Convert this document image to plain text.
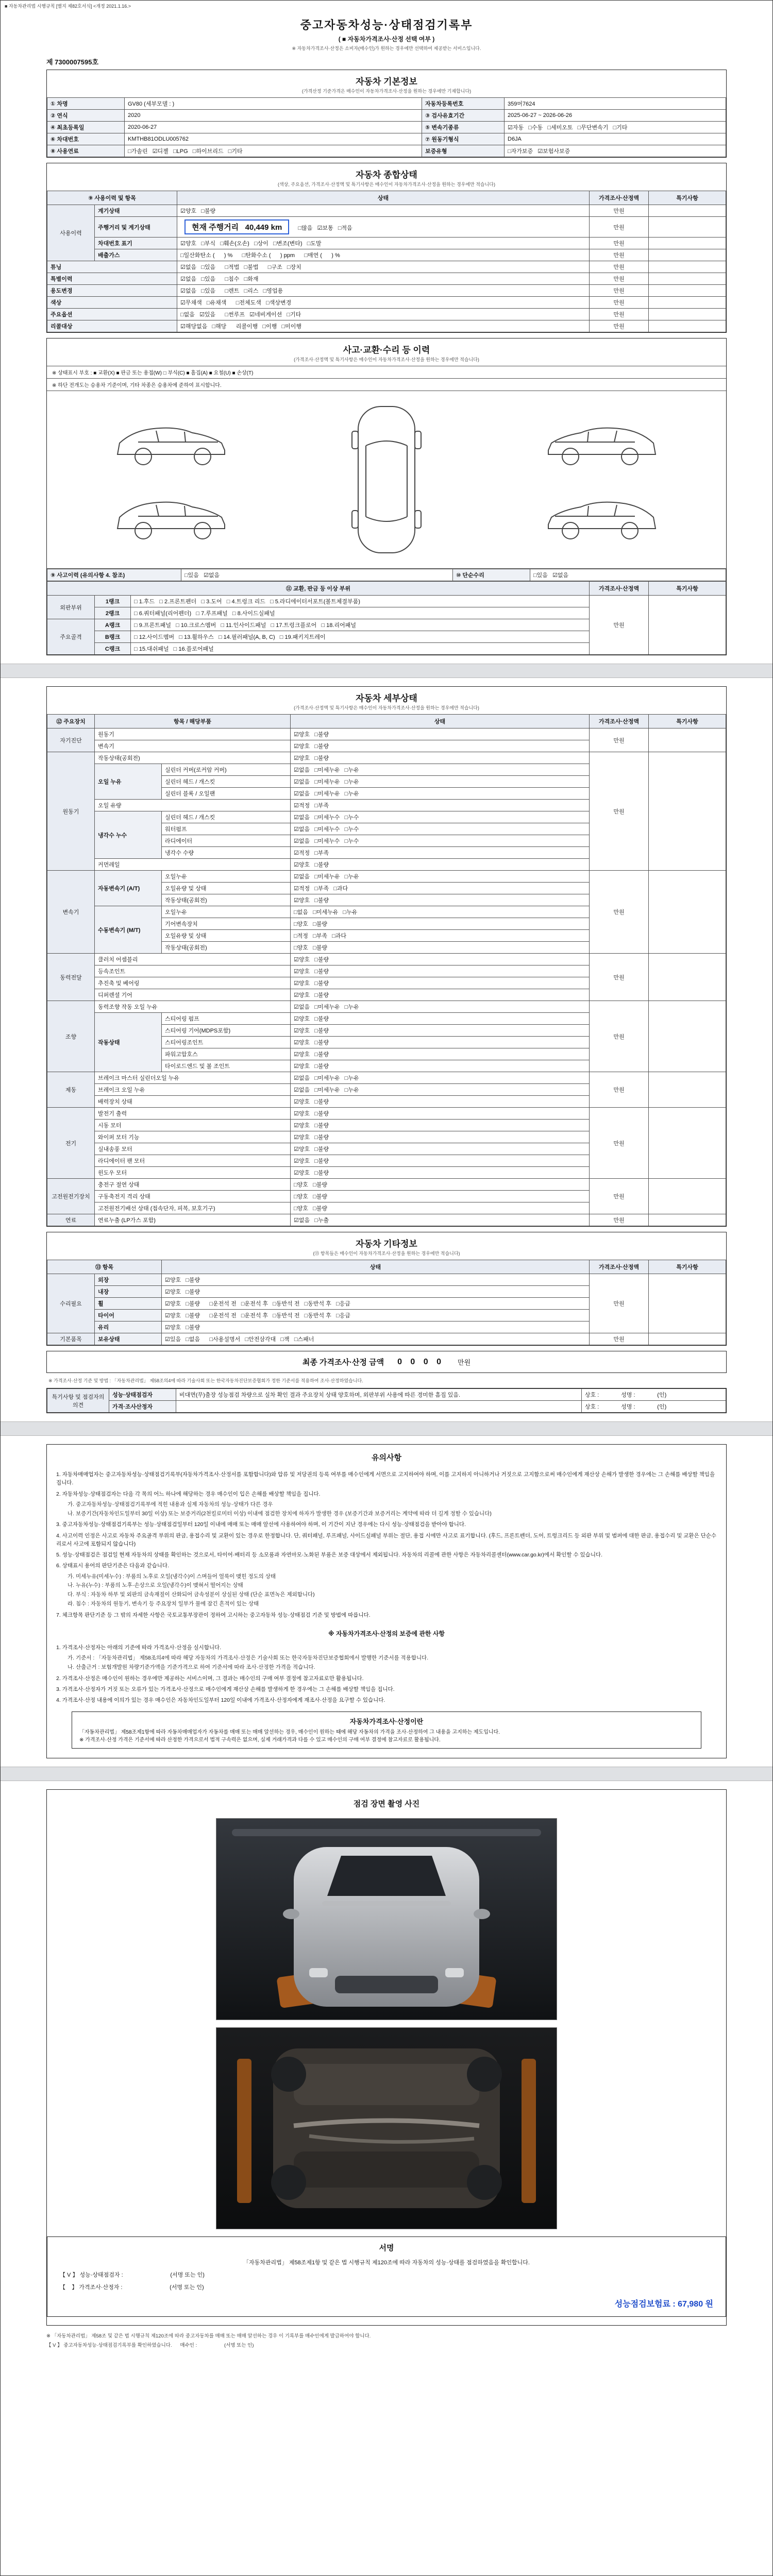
■ 자동차관리법 시행규칙 [별지 제82호서식] <개정 2021.1.16.>
중고자동차성능·상태점검기록부
( ■ 자동차가격조사·산정 선택 여부 )
※ 자동차가격조사·산정은 소비자(매수인)가 원하는 경우에만 선택하여 제공받는 서비스입니다.
제 7300007595호
자동차 기본정보
(가격산정 기준가격은 매수인이 자동차가격조사·산정을 원하는 경우에만 기재합니다)
① 차명	GV80 (세부모델 : )	자동차등록번호	359머7624
② 연식	2020	③ 검사유효기간	2025-06-27 ~ 2026-06-26
④ 최초등록일	2020-06-27	⑤ 변속기종류	☑자동   □수동   □세미오토   □무단변속기   □기타
⑥ 차대번호	KMTHB81ODLU005762	⑦ 원동기형식	D6JA
⑧ 사용연료	□가솔린   ☑디젤   □LPG   □하이브리드   □기타	보증유형	□자가보증   ☑보험사보증
자동차 종합상태
(색상, 주요옵션, 가격조사·산정액 및 특기사항은 매수인이 자동차가격조사·산정을 원하는 경우에만 적습니다)
⑨ 사용이력 및 항목		상태	가격조사·산정액	특기사항
사용이력	계기상태	☑양호   □불량	만원	
	주행거리 및 계기상태	현재 주행거리   40,449 km   □많음   ☑보통   □적음	만원	
	차대번호 표기	☑양호   □부식   □훼손(오손)   □상이   □변조(변타)   □도말	만원	
	배출가스	□일산화탄소 (      ) %      □탄화수소 (      ) ppm      □매연 (      ) %	만원	
튜닝		☑없음   □있음      □적법   □불법      □구조   □장치	만원	
특별이력		☑없음   □있음      □침수   □화재	만원	
용도변경		☑없음   □있음      □렌트   □리스   □영업용	만원	
색상		☑무채색   □유채색      □전체도색   □색상변경	만원	
주요옵션		□없음   ☑있음      □썬루프   ☑네비게이션   □기타	만원	
리콜대상		☑해당없음   □해당      리콜이행   □이행   □미이행	만원	
사고·교환·수리 등 이력
(가격조사·산정액 및 특기사항은 매수인이 자동차가격조사·산정을 원하는 경우에만 적습니다)
※ 상태표시 부호 : ■ 교환(X) ■ 판금 또는 용접(W) □ 부식(C) ■ 흠집(A) ■ 요철(U) ■ 손상(T)
※ 하단 전개도는 승용차 기준이며, 기타 차종은 승용차에 준하여 표시합니다.
⑨ 사고이력 (유의사항 4. 참조)	□있음   ☑없음	⑩ 단순수리	□있음   ☑없음
⑪ 교환, 판금 등 이상 부위			가격조사·산정액	특기사항
외판부위	1랭크	□ 1.후드   □ 2.프론트펜더   □ 3.도어   □ 4.트렁크 리드   □ 5.라디에이터서포트(볼트체결부품)	만원	
	2랭크	□ 6.쿼터패널(리어펜더)   □ 7.루프패널   □ 8.사이드실패널		
주요골격	A랭크	□ 9.프론트패널   □ 10.크로스멤버   □ 11.인사이드패널   □ 17.트렁크플로어   □ 18.리어패널		
	B랭크	□ 12.사이드멤버   □ 13.휠하우스   □ 14.필러패널(A, B, C)   □ 19.패키지트레이		
	C랭크	□ 15.대쉬패널   □ 16.플로어패널		
자동차 세부상태
(가격조사·산정액 및 특기사항은 매수인이 자동차가격조사·산정을 원하는 경우에만 적습니다)
⑫ 주요장치	항목 / 해당부품		상태	가격조사·산정액	특기사항
자기진단	원동기		☑양호   □불량	만원	
	변속기		☑양호   □불량		
원동기	작동상태(공회전)		☑양호   □불량	만원	
	오일 누유	실린더 커버(로커암 커버)	☑없음   □미세누유   □누유		
		실린더 헤드 / 개스킷	☑없음   □미세누유   □누유		
		실린더 블록 / 오일팬	☑없음   □미세누유   □누유		
	오일 유량		☑적정   □부족		
	냉각수 누수	실린더 헤드 / 개스킷	☑없음   □미세누수   □누수		
		워터펌프	☑없음   □미세누수   □누수		
		라디에이터	☑없음   □미세누수   □누수		
		냉각수 수량	☑적정   □부족		
	커먼레일		☑양호   □불량		
변속기	자동변속기 (A/T)	오일누유	☑없음   □미세누유   □누유	만원	
		오일유량 및 상태	☑적정   □부족   □과다		
		작동상태(공회전)	☑양호   □불량		
	수동변속기 (M/T)	오일누유	□없음   □미세누유   □누유		
		기어변속장치	□양호   □불량		
		오일유량 및 상태	□적정   □부족   □과다		
		작동상태(공회전)	□양호   □불량		
동력전달	클러치 어셈블리		☑양호   □불량	만원	
	등속조인트		☑양호   □불량		
	추진축 및 베어링		☑양호   □불량		
	디퍼렌셜 기어		☑양호   □불량		
조향	동력조향 작동 오일 누유		☑없음   □미세누유   □누유	만원	
	작동상태	스티어링 펌프	☑양호   □불량		
		스티어링 기어(MDPS포함)	☑양호   □불량		
		스티어링조인트	☑양호   □불량		
		파워고압호스	☑양호   □불량		
		타이로드엔드 및 볼 조인트	☑양호   □불량		
제동	브레이크 마스터 실린더오일 누유		☑없음   □미세누유   □누유	만원	
	브레이크 오일 누유		☑없음   □미세누유   □누유		
	배력장치 상태		☑양호   □불량		
전기	발전기 출력		☑양호   □불량	만원	
	시동 모터		☑양호   □불량		
	와이퍼 모터 기능		☑양호   □불량		
	실내송풍 모터		☑양호   □불량		
	라디에이터 팬 모터		☑양호   □불량		
	윈도우 모터		☑양호   □불량		
고전원전기장치	충전구 절연 상태		□양호   □불량	만원	
	구동축전지 격리 상태		□양호   □불량		
	고전원전기배선 상태 (접속단자, 피복, 보호기구)		□양호   □불량		
연료	연료누출 (LP가스 포함)		☑없음   □누출	만원	
자동차 기타정보
(⑬ 항목들은 매수인이 자동차가격조사·산정을 원하는 경우에만 적습니다)
⑬ 항목		상태	가격조사·산정액	특기사항
수리필요	외장	☑양호   □불량	만원	
	내장	☑양호   □불량		
	휠	☑양호   □불량      □운전석 전   □운전석 후   □동반석 전   □동반석 후   □응급		
	타이어	☑양호   □불량      □운전석 전   □운전석 후   □동반석 전   □동반석 후   □응급		
	유리	☑양호   □불량		
기본품목	보유상태	☑있음   □없음      □사용설명서   □안전삼각대   □잭   □스패너	만원	
최종 가격조사·산정 금액 0 0 0 0 만원
※ 가격조사·산정 기준 및 방법 : 「자동차관리법」 제58조의4에 따라 기술사회 또는 한국자동차진단보증협회가 정한 기준서를 적용하여 조사·산정하였습니다.
특기사항 및 점검자의 의견	성능·상태점검자	비대면(무)출장 성능점검 차량으로 실차 확인 결과 주요장치 상태 양호하며, 외판부위 사용에 따른 경미한 흠집 있음.	상호 :              성명 :              (인)
	가격·조사산정자		상호 :              성명 :              (인)
유의사항
1. 자동차매매업자는 중고자동차성능·상태점검기록부(자동차가격조사·산정서를 포함합니다)와 압류 및 저당권의 등록 여부를 매수인에게 서면으로 고지하여야 하며, 이를 고지하지 아니하거나 거짓으로 고지함으로써 매수인에게 재산상 손해가 발생한 경우에는 그 손해를 배상할 책임을 집니다.
2. 자동차성능·상태점검자는 다음 각 목의 어느 하나에 해당하는 경우 매수인이 입은 손해를 배상할 책임을 집니다.
가. 중고자동차성능·상태점검기록부에 적힌 내용과 실제 자동차의 성능·상태가 다른 경우
나. 보증기간(자동차인도일부터 30일 이상) 또는 보증거리(2천킬로미터 이상) 이내에 점검한 장치에 하자가 발생한 경우 (보증기간과 보증거리는 계약에 따라 더 길게 정할 수 있습니다)
3. 중고자동차성능·상태점검기록부는 성능·상태점검일부터 120일 이내에 매매 또는 매매 알선에 사용하여야 하며, 이 기간이 지난 경우에는 다시 성능·상태점검을 받아야 합니다.
4. 사고이력 인정은 사고로 자동차 주요골격 부위의 판금, 용접수리 및 교환이 있는 경우로 한정합니다. 단, 쿼터패널, 루프패널, 사이드실패널 부위는 절단, 용접 시에만 사고로 표기합니다. (후드, 프론트펜더, 도어, 트렁크리드 등 외판 부위 및 범퍼에 대한 판금, 용접수리 및 교환은 단순수리로서 사고에 포함되지 않습니다)
5. 성능·상태점검은 점검일 현재 자동차의 상태를 확인하는 것으로서, 타이어·배터리 등 소모품과 자연마모·노화된 부품은 보증 대상에서 제외됩니다. 자동차의 리콜에 관한 사항은 자동차리콜센터(www.car.go.kr)에서 확인할 수 있습니다.
6. 상태표시 용어의 판단기준은 다음과 같습니다.
가. 미세누유(미세누수) : 부품의 노후로 오일(냉각수)이 스며들어 얼룩이 맺힌 정도의 상태
나. 누유(누수) : 부품의 노후·손상으로 오일(냉각수)이 맺혀서 떨어지는 상태
다. 부식 : 자동차 하부 및 외판의 금속재질이 산화되어 금속성분이 상실된 상태 (단순 표면녹은 제외합니다)
라. 침수 : 자동차의 원동기, 변속기 등 주요장치 일부가 물에 잠긴 흔적이 있는 상태
7. 체크항목 판단기준 등 그 밖의 자세한 사항은 국토교통부장관이 정하여 고시하는 중고자동차 성능·상태점검 기준 및 방법에 따릅니다.
※ 자동차가격조사·산정의 보증에 관한 사항
1. 가격조사·산정자는 아래의 기준에 따라 가격조사·산정을 실시합니다.
가. 기준서 : 「자동차관리법」 제58조의4에 따라 해당 자동차의 가격조사·산정은 기술사회 또는 한국자동차진단보증협회에서 발행한 기준서를 적용합니다.
나. 산출근거 : 보험개발원 차량기준가액을 기준가격으로 하여 기준서에 따라 조사·산정한 가격을 적습니다.
2. 가격조사·산정은 매수인이 원하는 경우에만 제공하는 서비스이며, 그 결과는 매수인의 구매 여부 결정에 참고자료로만 활용됩니다.
3. 가격조사·산정자가 거짓 또는 오류가 있는 가격조사·산정으로 매수인에게 재산상 손해를 발생하게 한 경우에는 그 손해를 배상할 책임을 집니다.
4. 가격조사·산정 내용에 이의가 있는 경우 매수인은 자동차인도일부터 120일 이내에 가격조사·산정자에게 재조사·산정을 요구할 수 있습니다.
자동차가격조사·산정이란
「자동차관리법」 제58조제1항에 따라 자동차매매업자가 자동차를 매매 또는 매매 알선하는 경우, 매수인이 원하는 때에 해당 자동차의 가격을 조사·산정하여 그 내용을 고지하는 제도입니다.
※ 가격조사·산정 가격은 기준서에 따라 산정한 가격으로서 법적 구속력은 없으며, 실제 거래가격과 다를 수 있고 매수인의 구매 여부 결정에 참고자료로 활용됩니다.
점검 장면 촬영 사진
서명
「자동차관리법」 제58조제1항 및 같은 법 시행규칙 제120조에 따라 자동차의 성능·상태를 점검하였음을 확인합니다.
【 V 】 성능·상태점검자 :                              (서명 또는 인)
【    】 가격조사·산정자 :                              (서명 또는 인)
성능점검보험료 : 67,980 원
※ 「자동차관리법」 제58조 및 같은 법 시행규칙 제120조에 따라 중고자동차를 매매 또는 매매 알선하는 경우 이 기록부를 매수인에게 발급하여야 합니다.
【 V 】 중고자동차성능·상태점검기록부를 확인하였습니다.      매수인 :                    (서명 또는 인)
